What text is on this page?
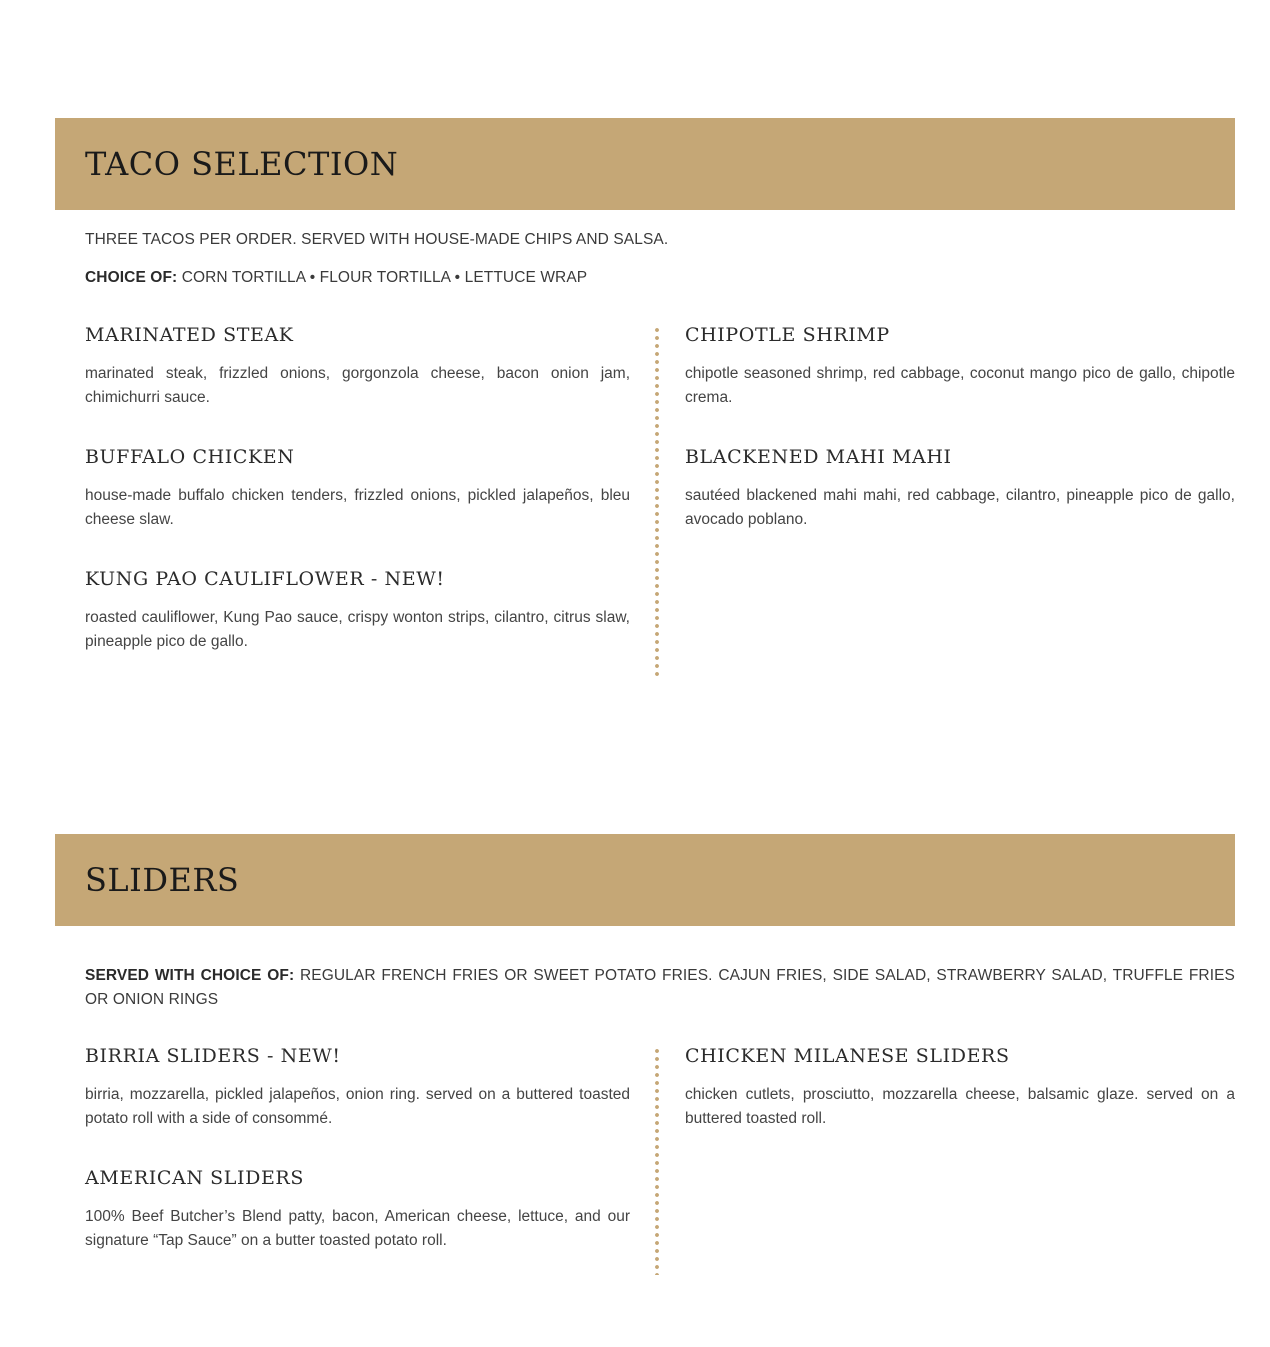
TACO SELECTION
THREE TACOS PER ORDER. SERVED WITH HOUSE-MADE CHIPS AND SALSA.
CHOICE OF: CORN TORTILLA • FLOUR TORTILLA • LETTUCE WRAP
MARINATED STEAK

marinated steak, frizzled onions, gorgonzola cheese, bacon onion jam, chimichurri sauce.

BUFFALO CHICKEN

house-made buffalo chicken tenders, frizzled onions, pickled jalapeños, bleu cheese slaw.

KUNG PAO CAULIFLOWER - NEW!

roasted cauliflower, Kung Pao sauce, crispy wonton strips, cilantro, citrus slaw, pineapple pico de gallo.

CHIPOTLE SHRIMP

chipotle seasoned shrimp, red cabbage, coconut mango pico de gallo, chipotle crema.

BLACKENED MAHI MAHI

sautéed blackened mahi mahi, red cabbage, cilantro, pineapple pico de gallo, avocado poblano.

SLIDERS
SERVED WITH CHOICE OF: REGULAR FRENCH FRIES OR SWEET POTATO FRIES. CAJUN FRIES, SIDE SALAD, STRAWBERRY SALAD, TRUFFLE FRIES OR ONION RINGS
BIRRIA SLIDERS - NEW!

birria, mozzarella, pickled jalapeños, onion ring. served on a buttered toasted potato roll with a side of consommé.

AMERICAN SLIDERS

100% Beef Butcher’s Blend patty, bacon, American cheese, lettuce, and our signature “Tap Sauce” on a butter toasted potato roll.

CHICKEN MILANESE SLIDERS

chicken cutlets, prosciutto, mozzarella cheese, balsamic glaze. served on a buttered toasted roll.
